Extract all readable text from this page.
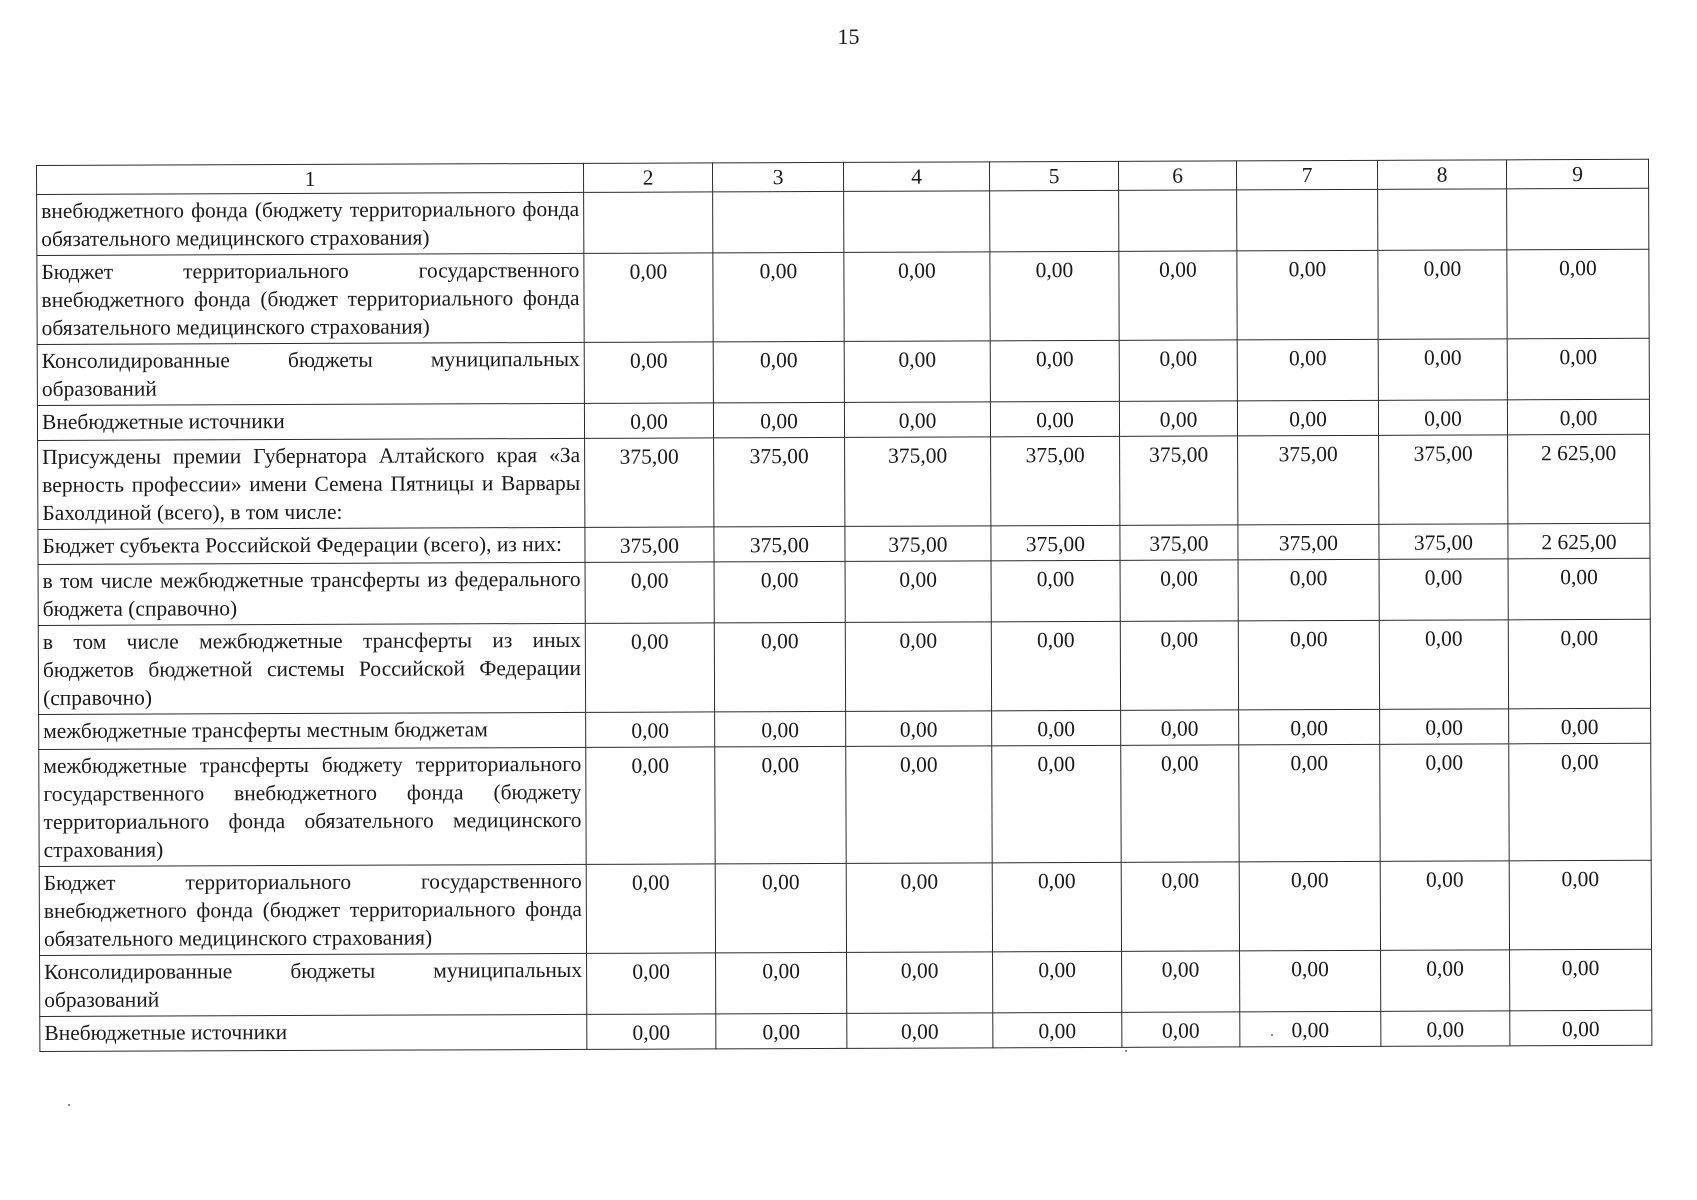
15
1	2	3	4	5	6	7	8	9
внебюджетного фонда (бюджету территориального фонда обязательного медицинского страхования)								
Бюджет территориального государственного внебюджетного фонда (бюджет территориального фонда обязательного медицинского страхования)	0,00	0,00	0,00	0,00	0,00	0,00	0,00	0,00
Консолидированные бюджеты муниципальных образований	0,00	0,00	0,00	0,00	0,00	0,00	0,00	0,00
Внебюджетные источники	0,00	0,00	0,00	0,00	0,00	0,00	0,00	0,00
Присуждены премии Губернатора Алтайского края «За верность профессии» имени Семена Пятницы и Варвары Бахолдиной (всего), в том числе:	375,00	375,00	375,00	375,00	375,00	375,00	375,00	2 625,00
Бюджет субъекта Российской Федерации (всего), из них:	375,00	375,00	375,00	375,00	375,00	375,00	375,00	2 625,00
в том числе межбюджетные трансферты из федерального бюджета (справочно)	0,00	0,00	0,00	0,00	0,00	0,00	0,00	0,00
в том числе межбюджетные трансферты из иных бюджетов бюджетной системы Российской Федерации (справочно)	0,00	0,00	0,00	0,00	0,00	0,00	0,00	0,00
межбюджетные трансферты местным бюджетам	0,00	0,00	0,00	0,00	0,00	0,00	0,00	0,00
межбюджетные трансферты бюджету территориального государственного внебюджетного фонда (бюджету территориального фонда обязательного медицинского страхования)	0,00	0,00	0,00	0,00	0,00	0,00	0,00	0,00
Бюджет территориального государственного внебюджетного фонда (бюджет территориального фонда обязательного медицинского страхования)	0,00	0,00	0,00	0,00	0,00	0,00	0,00	0,00
Консолидированные бюджеты муниципальных образований	0,00	0,00	0,00	0,00	0,00	0,00	0,00	0,00
Внебюджетные источники	0,00	0,00	0,00	0,00	0,00	0,00	0,00	0,00
